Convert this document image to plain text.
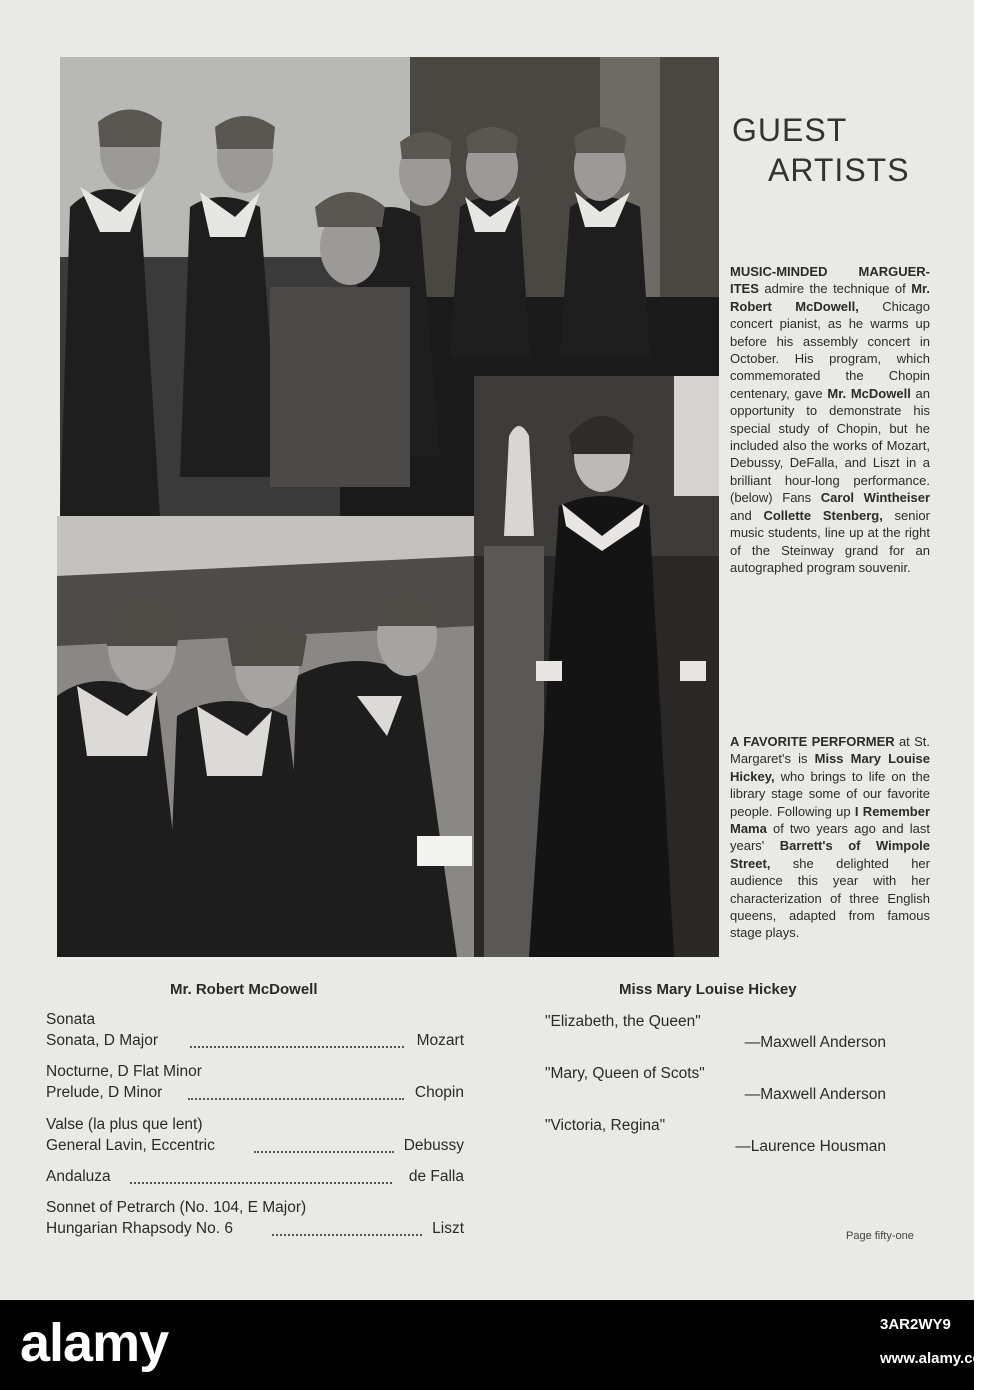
GUEST
ARTISTS
MUSIC-MINDED MARGUER-ITES admire the technique of Mr. Robert McDowell, Chicago concert pianist, as he warms up before his assembly concert in October. His program, which commemorated the Chopin centenary, gave Mr. McDowell an opportunity to demonstrate his special study of Chopin, but he included also the works of Mozart, Debussy, DeFalla, and Liszt in a brilliant hour-long performance. (below) Fans Carol Wintheiser and Collette Stenberg, senior music students, line up at the right of the Steinway grand for an autographed program souvenir.
A FAVORITE PERFORMER at St. Margaret's is Miss Mary Louise Hickey, who brings to life on the library stage some of our favorite people. Following up I Remember Mama of two years ago and last years' Barrett's of Wimpole Street, she delighted her audience this year with her characterization of three English queens, adapted from famous stage plays.
Mr. Robert McDowell
Sonata
Sonata, D Major	Mozart
Nocturne, D Flat Minor
Prelude, D Minor	Chopin
Valse (la plus que lent)
General Lavin, Eccentric	Debussy
Andaluza	de Falla
Sonnet of Petrarch (No. 104, E Major)
Hungarian Rhapsody No. 6	Liszt
Miss Mary Louise Hickey
"Elizabeth, the Queen"
—Maxwell Anderson
"Mary, Queen of Scots"
—Maxwell Anderson
"Victoria, Regina"
—Laurence Housman
Page fifty-one
alamy	3AR2WY9
www.alamy.com
